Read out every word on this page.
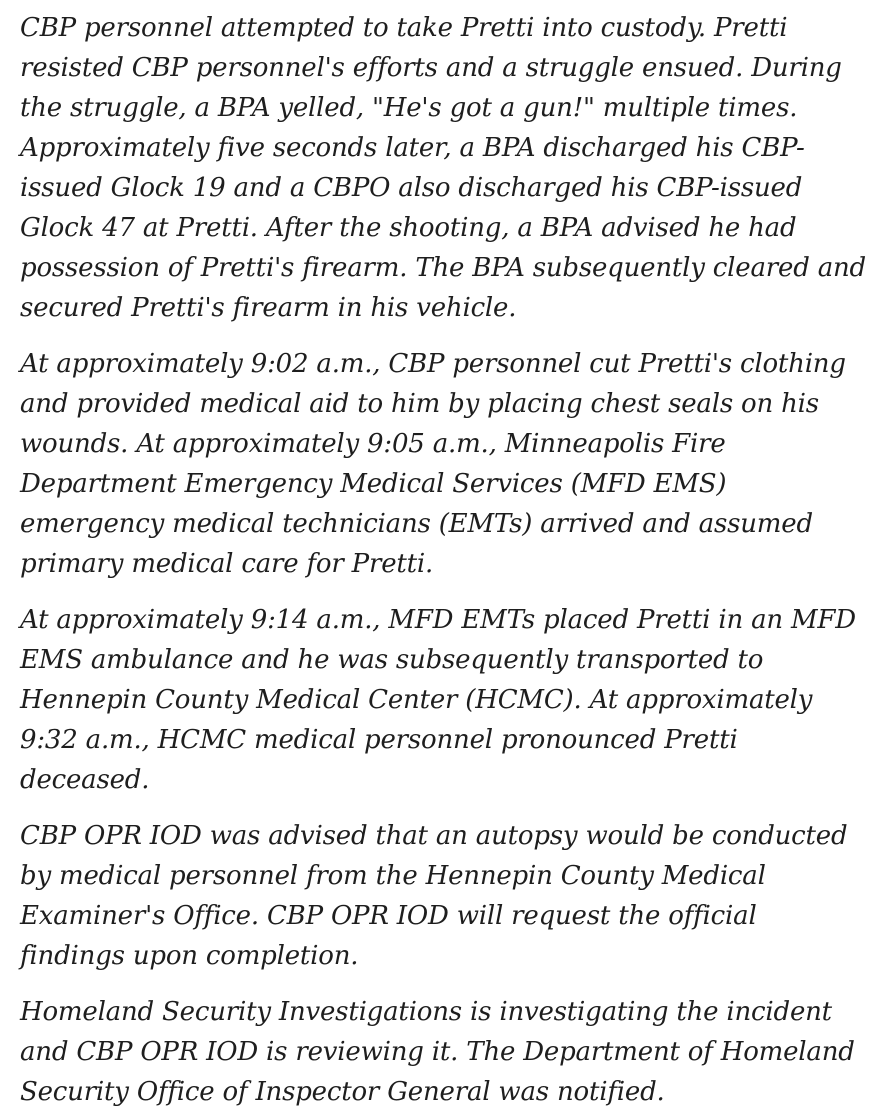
CBP personnel attempted to take Pretti into custody. Pretti resisted CBP personnel's efforts and a struggle ensued. During the struggle, a BPA yelled, "He's got a gun!" multiple times.  Approximately five seconds later, a BPA discharged his CBP-issued Glock 19 and a CBPO also discharged his CBP-issued Glock 47 at Pretti. After the shooting, a BPA advised he had possession of Pretti's firearm. The BPA subsequently cleared and secured Pretti's firearm in his vehicle.

At approximately 9:02 a.m., CBP personnel cut Pretti's clothing and provided medical aid to him by placing chest seals on his wounds. At approximately 9:05 a.m., Minneapolis Fire Department Emergency Medical Services (MFD EMS) emergency medical technicians (EMTs) arrived and assumed primary medical care for Pretti.

At approximately 9:14 a.m., MFD EMTs placed Pretti in an MFD EMS ambulance and he was subsequently transported to Hennepin County Medical Center (HCMC). At approximately 9:32 a.m., HCMC medical personnel pronounced Pretti deceased.

CBP OPR IOD was advised that an autopsy would be conducted by medical personnel from the Hennepin County Medical Examiner's Office. CBP OPR IOD will request the official findings upon completion.

Homeland Security Investigations is investigating the incident and CBP OPR IOD is reviewing it. The Department of Homeland Security Office of Inspector General was notified.
